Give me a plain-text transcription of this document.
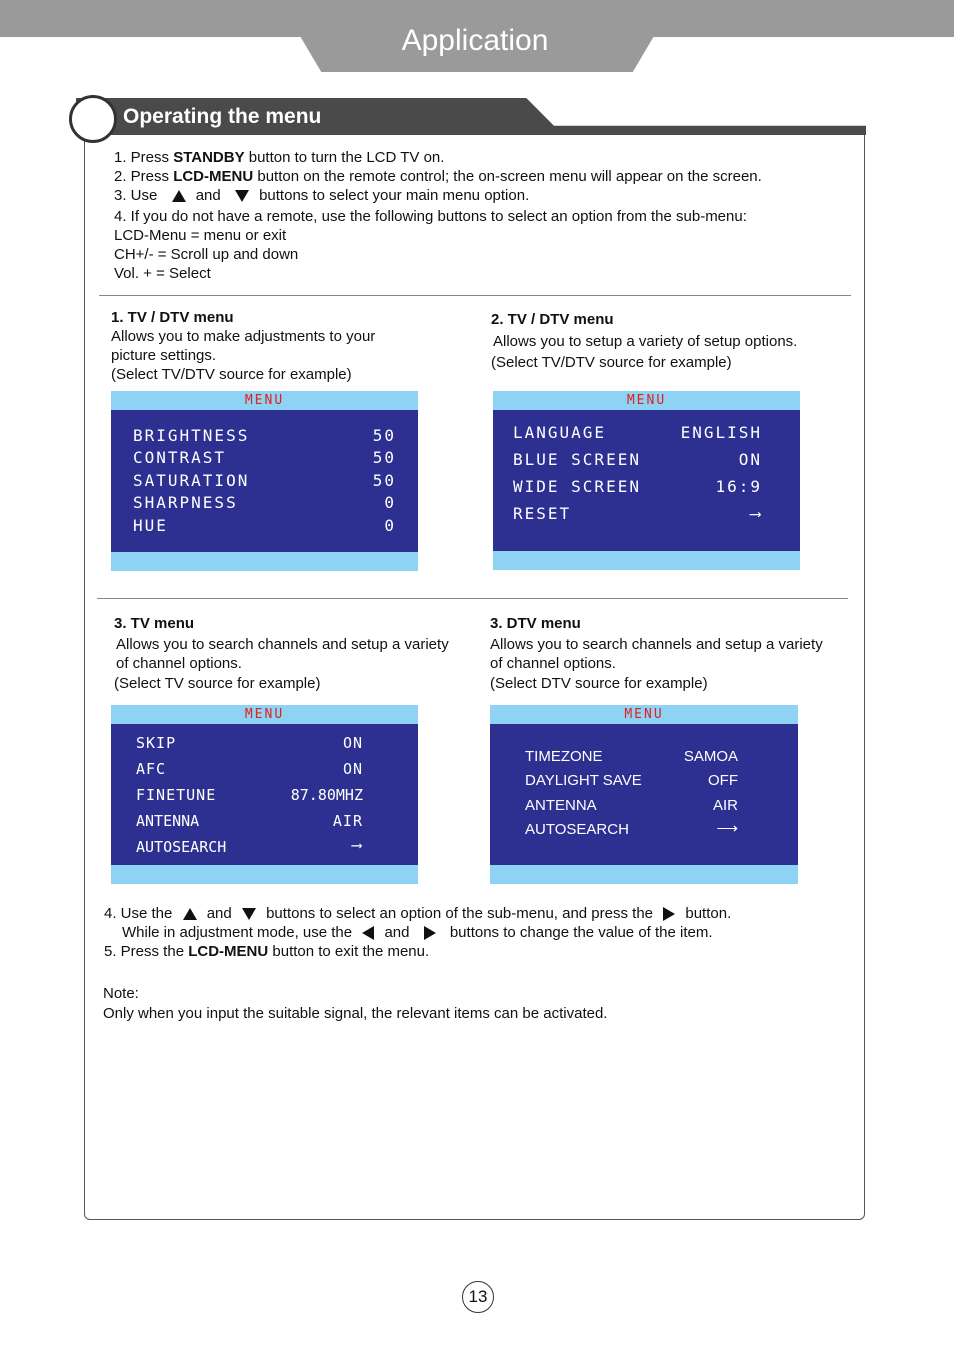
Application
Operating the menu
1. Press STANDBY button to turn the LCD TV on.
2. Press LCD-MENU button on the remote control; the on-screen menu will appear on the screen.
3. Use	and	buttons to select your main menu option.
4. If you do not have a remote, use the following buttons to select an option from the sub-menu:
LCD-Menu = menu or exit
CH+/- = Scroll up and down
Vol. + = Select
1. TV / DTV menu
Allows you to make adjustments to your
picture settings.
(Select TV/DTV source for example)
MENU
BRIGHTNESS	50
CONTRAST	50
SATURATION	50
SHARPNESS	0
HUE	0
2. TV / DTV menu
Allows you to setup a variety of setup options.
(Select TV/DTV source for example)
MENU
LANGUAGE	ENGLISH
BLUE SCREEN	ON
WIDE SCREEN	16:9
RESET	⟶
3. TV menu
Allows you to search channels and setup a variety
of channel options.
(Select TV source for example)
MENU
SKIP	ON
AFC	ON
FINETUNE	87.80MHZ
ANTENNA	AIR
AUTOSEARCH	⟶
3. DTV menu
Allows you to search channels and setup a variety
of channel options.
(Select DTV source for example)
MENU
TIMEZONE	SAMOA
DAYLIGHT SAVE	OFF
ANTENNA	AIR
AUTOSEARCH	⟶
4. Use the and buttons to select an option of the sub-menu, and press the button.
While in adjustment mode, use the and	buttons to change the value of the item.
5. Press the LCD-MENU button to exit the menu.
Note:
Only when you input the suitable signal, the relevant items can be activated.
13
